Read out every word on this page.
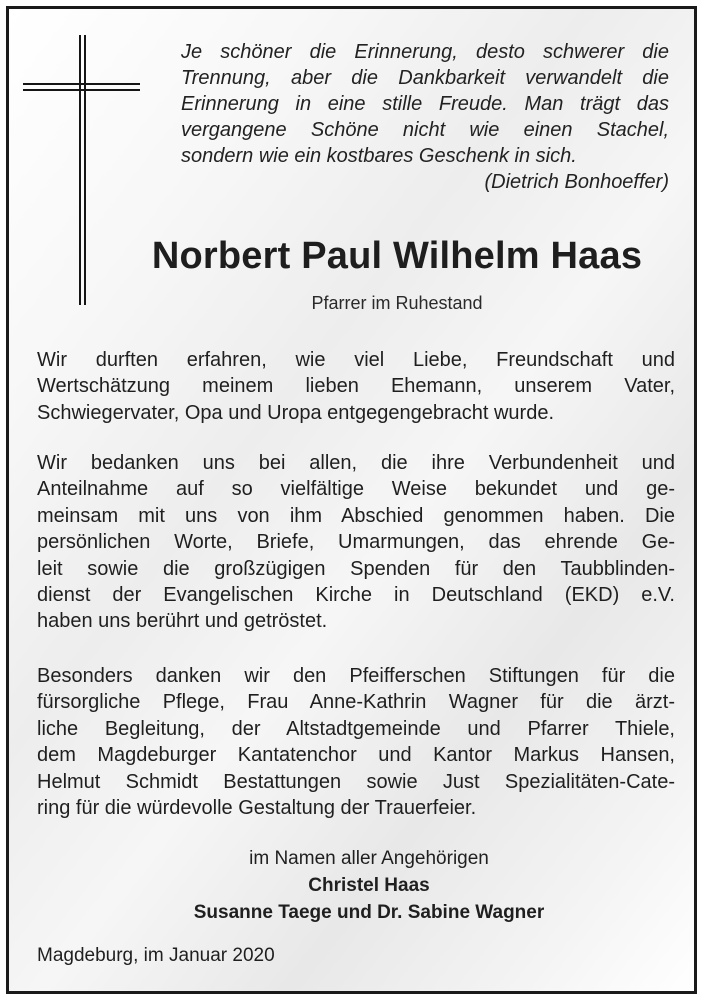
Je schöner die Erinnerung, desto schwerer die
Trennung, aber die Dankbarkeit verwandelt die
Erinnerung in eine stille Freude. Man trägt das
vergangene Schöne nicht wie einen Stachel,
sondern wie ein kostbares Geschenk in sich.
(Dietrich Bonhoeffer)
Norbert Paul Wilhelm Haas
Pfarrer im Ruhestand
Wir durften erfahren, wie viel Liebe, Freundschaft und
Wertschätzung meinem lieben Ehemann, unserem Vater,
Schwiegervater, Opa und Uropa entgegengebracht wurde.
Wir bedanken uns bei allen, die ihre Verbundenheit und
Anteilnahme auf so vielfältige Weise bekundet und ge-
meinsam mit uns von ihm Abschied genommen haben. Die
persönlichen Worte, Briefe, Umarmungen, das ehrende Ge-
leit sowie die großzügigen Spenden für den Taubblinden-
dienst der Evangelischen Kirche in Deutschland (EKD) e.V.
haben uns berührt und getröstet.
Besonders danken wir den Pfeifferschen Stiftungen für die
fürsorgliche Pflege, Frau Anne-Kathrin Wagner für die ärzt-
liche Begleitung, der Altstadtgemeinde und Pfarrer Thiele,
dem Magdeburger Kantatenchor und Kantor Markus Hansen,
Helmut Schmidt Bestattungen sowie Just Spezialitäten-Cate-
ring für die würdevolle Gestaltung der Trauerfeier.
im Namen aller Angehörigen
Christel Haas
Susanne Taege und Dr. Sabine Wagner
Magdeburg, im Januar 2020
